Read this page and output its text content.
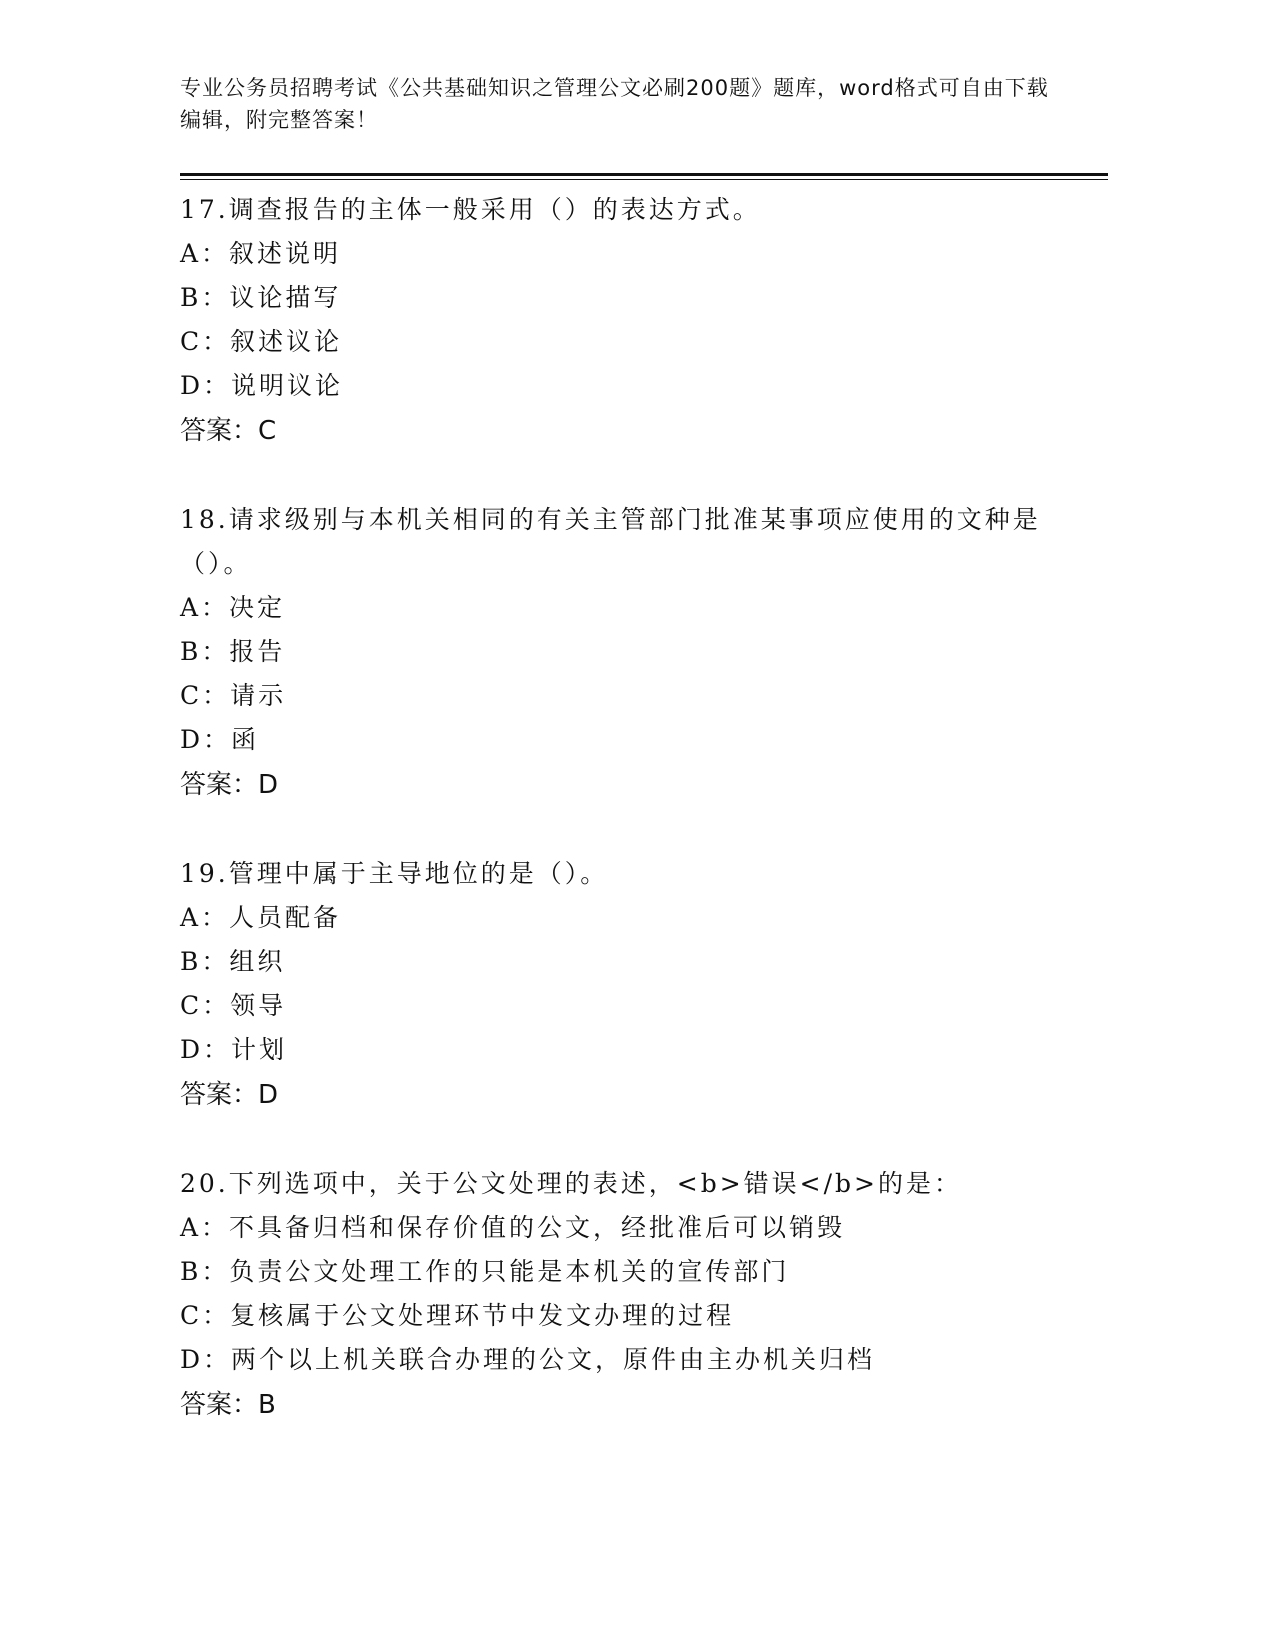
专业公务员招聘考试《公共基础知识之管理公文必刷200题》题库，word格式可自由下载编辑，附完整答案！
17.调查报告的主体一般采用（）的表达方式。
A：叙述说明
B：议论描写
C：叙述议论
D：说明议论
答案：C
18.请求级别与本机关相同的有关主管部门批准某事项应使用的文种是（）。
A：决定
B：报告
C：请示
D：函
答案：D
19.管理中属于主导地位的是（）。
A：人员配备
B：组织
C：领导
D：计划
答案：D
20.下列选项中，关于公文处理的表述，<b>错误</b>的是：
A：不具备归档和保存价值的公文，经批准后可以销毁
B：负责公文处理工作的只能是本机关的宣传部门
C：复核属于公文处理环节中发文办理的过程
D：两个以上机关联合办理的公文，原件由主办机关归档
答案：B
